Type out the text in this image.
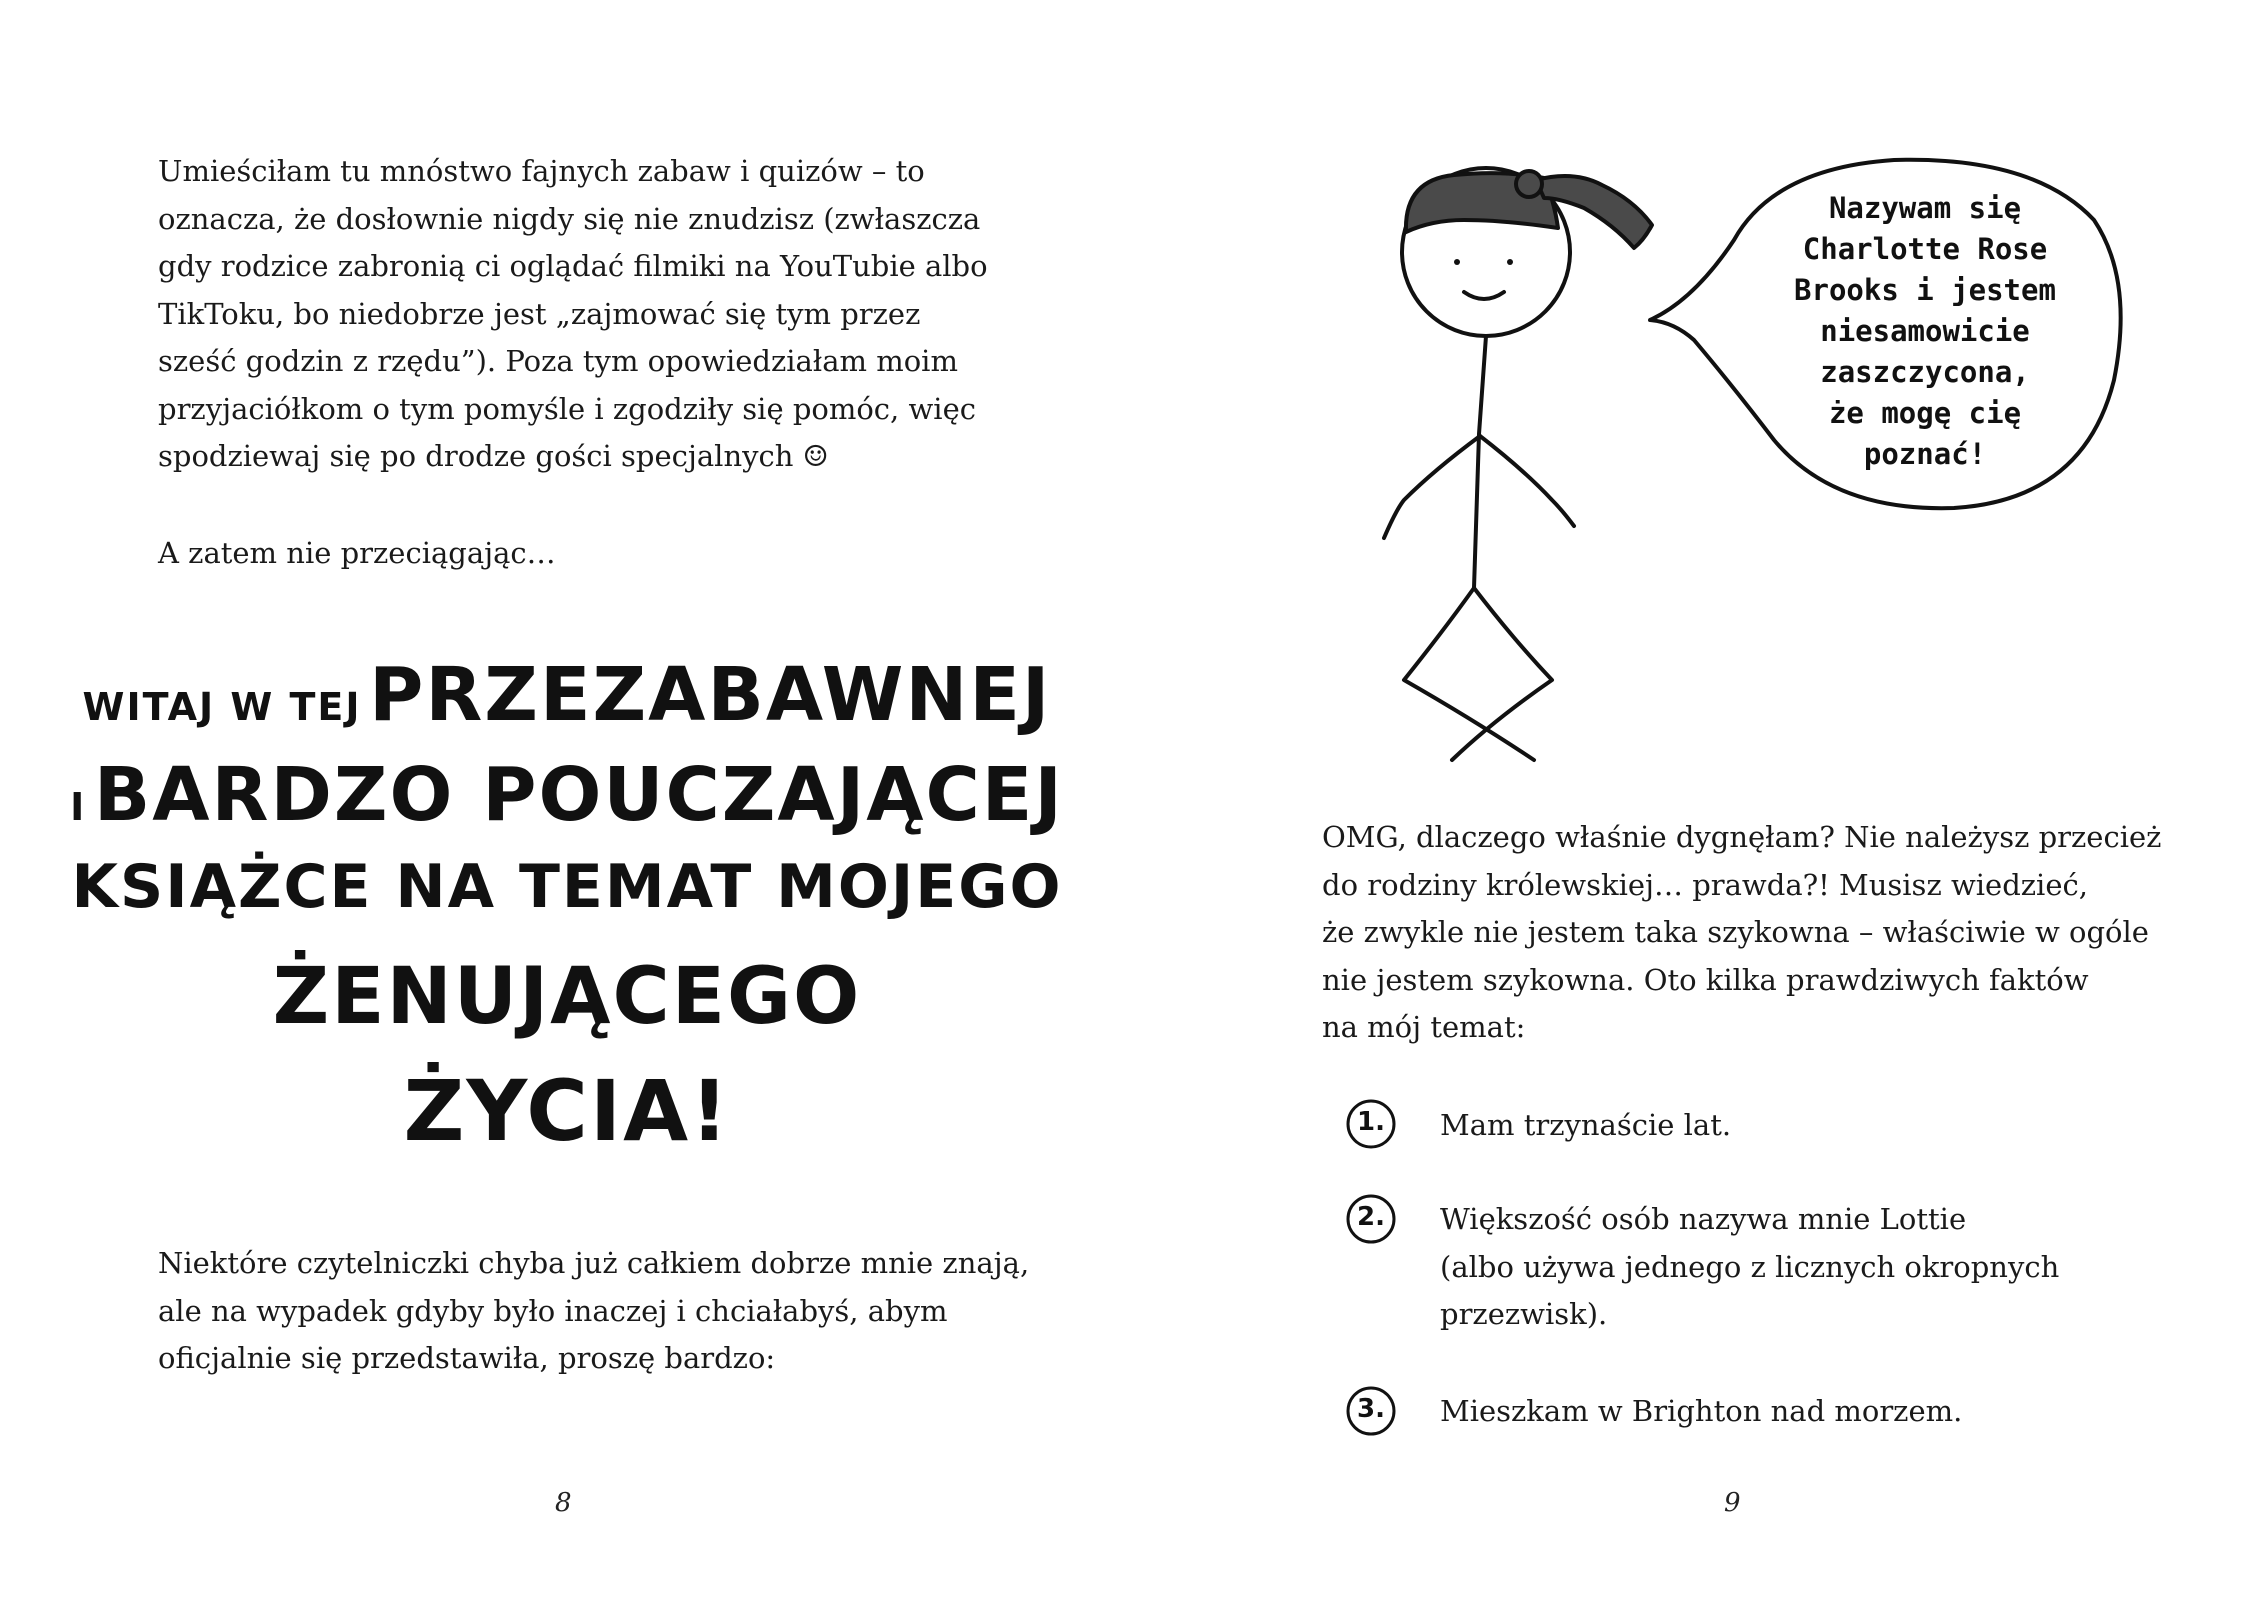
Umieściłam tu mnóstwo fajnych zabaw i quizów – to
oznacza, że dosłownie nigdy się nie znudzisz (zwłaszcza
gdy rodzice zabronią ci oglądać filmiki na YouTubie albo
TikToku, bo niedobrze jest „zajmować się tym przez
sześć godzin z rzędu”). Poza tym opowiedziałam moim
przyjaciółkom o tym pomyśle i zgodziły się pomóc, więc
spodziewaj się po drodze gości specjalnych ☺
A zatem nie przeciągając…
WITAJ W TEJ PRZEZABAWNEJ
I BARDZO POUCZAJĄCEJ
KSIĄŻCE NA TEMAT MOJEGO
ŻENUJĄCEGO
ŻYCIA!
Niektóre czytelniczki chyba już całkiem dobrze mnie znają,
ale na wypadek gdyby było inaczej i chciałabyś, abym
oficjalnie się przedstawiła, proszę bardzo:
8
Nazywam się
Charlotte Rose
Brooks i jestem
niesamowicie
zaszczycona,
że mogę cię
poznać!
OMG, dlaczego właśnie dygnęłam? Nie należysz przecież
do rodziny królewskiej… prawda?! Musisz wiedzieć,
że zwykle nie jestem taka szykowna – właściwie w ogóle
nie jestem szykowna. Oto kilka prawdziwych faktów
na mój temat:
1.	Mam trzynaście lat.
2.	Większość osób nazywa mnie Lottie
(albo używa jednego z licznych okropnych
przezwisk).
3.	Mieszkam w Brighton nad morzem.
9
